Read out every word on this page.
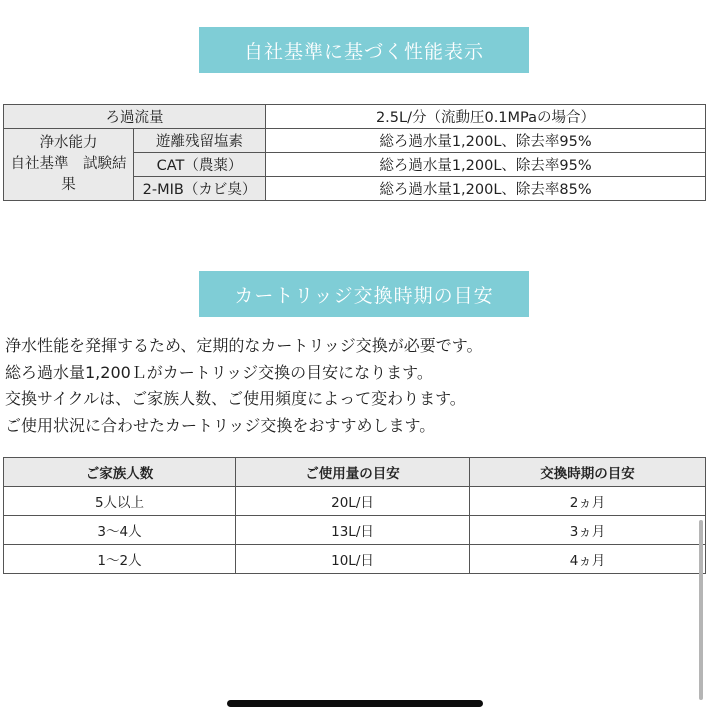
自社基準に基づく性能表示
ろ過流量		2.5L/分（流動圧0.1MPaの場合）
浄水能力
自社基準　試験結果	遊離残留塩素	総ろ過水量1,200L、除去率95%
	CAT（農薬）	総ろ過水量1,200L、除去率95%
	2-MIB（カビ臭）	総ろ過水量1,200L、除去率85%
カートリッジ交換時期の目安

浄水性能を発揮するため、定期的なカートリッジ交換が必要です。

総ろ過水量1,200Ｌがカートリッジ交換の目安になります。

交換サイクルは、ご家族人数、ご使用頻度によって変わります。

ご使用状況に合わせたカートリッジ交換をおすすめします。

ご家族人数	ご使用量の目安	交換時期の目安
5人以上	20L/日	2ヵ月
3〜4人	13L/日	3ヵ月
1〜2人	10L/日	4ヵ月
